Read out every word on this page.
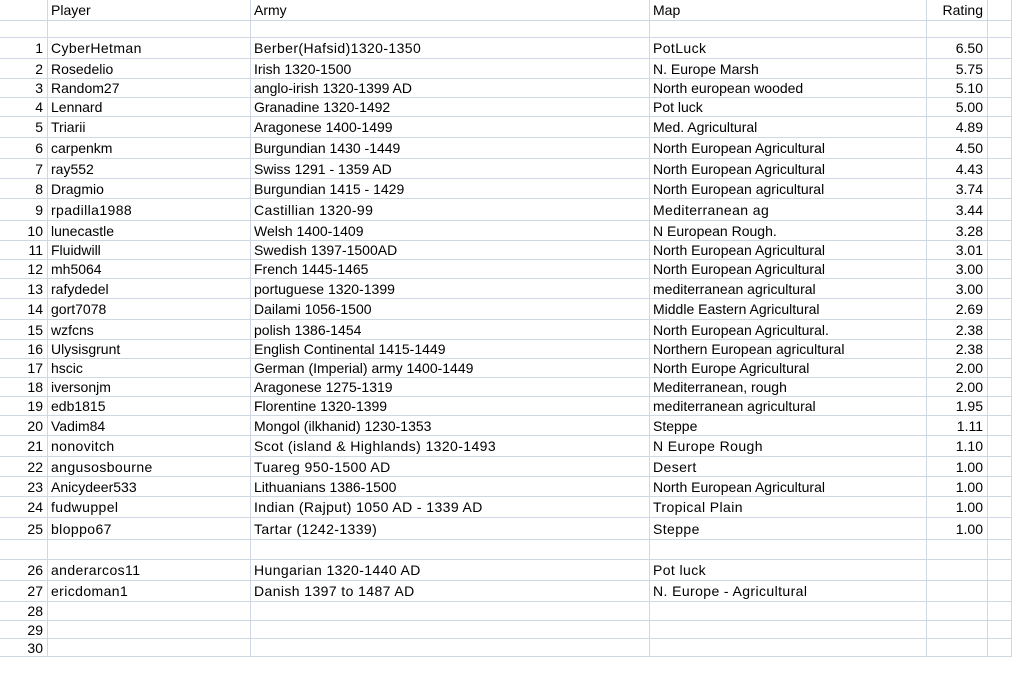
Player	Army	Map	Rating
1 CyberHetman	Berber(Hafsid)1320-1350	PotLuck	6.50
2 Rosedelio	Irish 1320-1500	N. Europe Marsh	5.75
3 Random27	anglo-irish 1320-1399 AD	North european wooded	5.10
4 Lennard	Granadine 1320-1492	Pot luck	5.00
5 Triarii	Aragonese 1400-1499	Med. Agricultural	4.89
6 carpenkm	Burgundian 1430 -1449	North European Agricultural	4.50
7 ray552	Swiss 1291 - 1359 AD	North European Agricultural	4.43
8 Dragmio	Burgundian 1415 - 1429	North European agricultural	3.74
9 rpadilla1988	Castillian 1320-99	Mediterranean ag	3.44
10 lunecastle	Welsh 1400-1409	N European Rough.	3.28
11 Fluidwill	Swedish 1397-1500AD	North European Agricultural	3.01
12 mh5064	French 1445-1465	North European Agricultural	3.00
13 rafydedel	portuguese 1320-1399	mediterranean agricultural	3.00
14 gort7078	Dailami 1056-1500	Middle Eastern Agricultural	2.69
15 wzfcns	polish 1386-1454	North European Agricultural.	2.38
16 Ulysisgrunt	English Continental 1415-1449	Northern European agricultural	2.38
17 hscic	German (Imperial) army 1400-1449	North Europe Agricultural	2.00
18 iversonjm	Aragonese 1275-1319	Mediterranean, rough	2.00
19 edb1815	Florentine 1320-1399	mediterranean agricultural	1.95
20 Vadim84	Mongol (ilkhanid) 1230-1353	Steppe	1.11
21 nonovitch	Scot (island & Highlands) 1320-1493	N Europe Rough	1.10
22 angusosbourne	Tuareg 950-1500 AD	Desert	1.00
23 Anicydeer533	Lithuanians 1386-1500	North European Agricultural	1.00
24 fudwuppel	Indian (Rajput) 1050 AD - 1339 AD	Tropical Plain	1.00
25 bloppo67	Tartar (1242-1339)	Steppe	1.00
26 anderarcos11	Hungarian 1320-1440 AD	Pot luck
27 ericdoman1	Danish 1397 to 1487 AD	N. Europe - Agricultural
28
29
30
